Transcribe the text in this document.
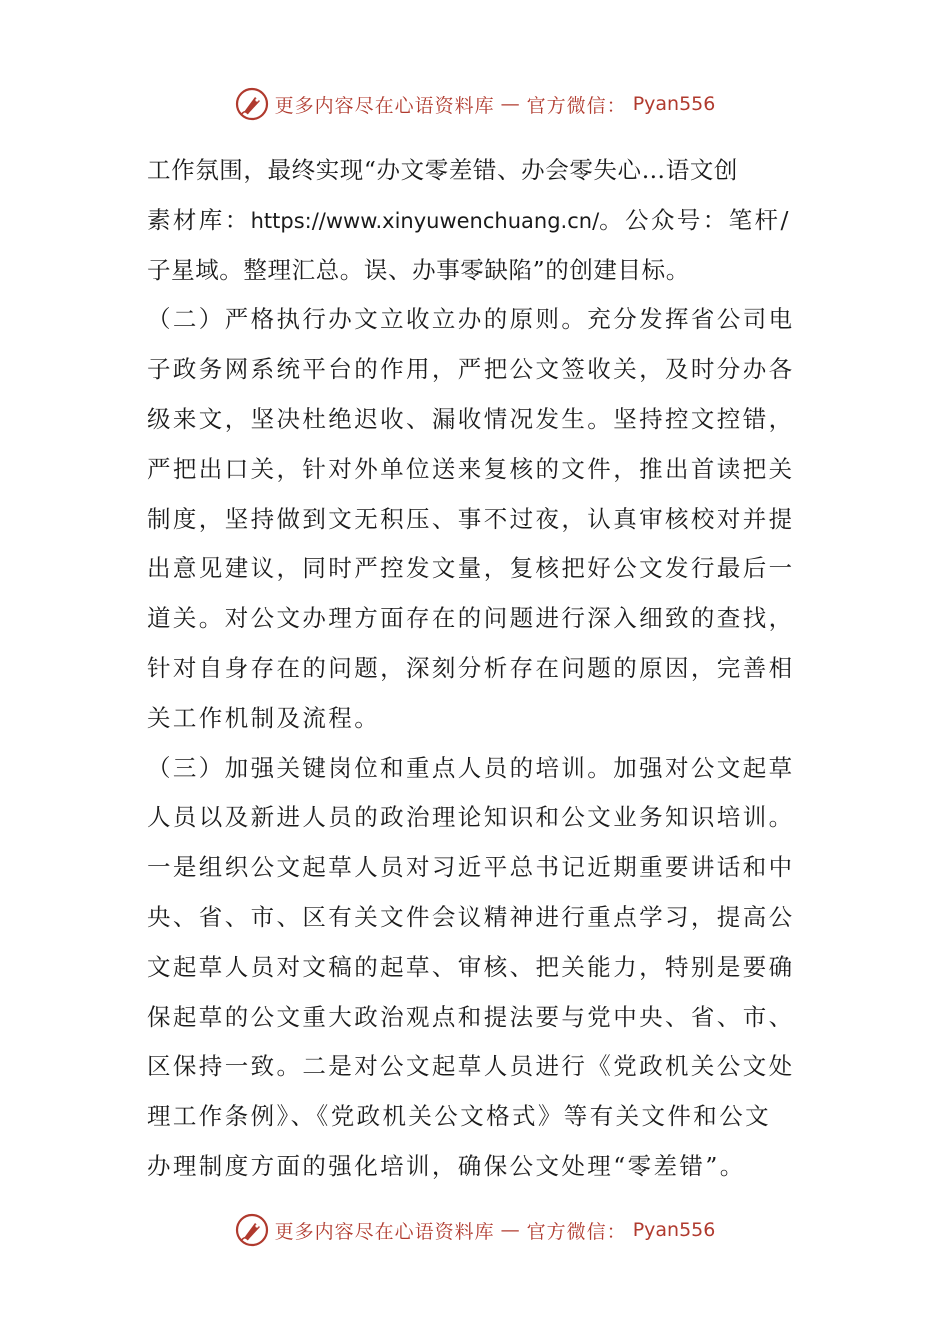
更多内容尽在心语资料库 — 官方微信： Pyan556
工作氛围，最终实现“办文零差错、办会零失心…语文创
素材库：https://www.xinyuwenchuang.cn/。公众号：笔杆/
子星域。整理汇总。误、办事零缺陷”的创建目标。
（二）严格执行办文立收立办的原则。充分发挥省公司电
子政务网系统平台的作用，严把公文签收关，及时分办各
级来文，坚决杜绝迟收、漏收情况发生。坚持控文控错，
严把出口关，针对外单位送来复核的文件，推出首读把关
制度，坚持做到文无积压、事不过夜，认真审核校对并提
出意见建议，同时严控发文量，复核把好公文发行最后一
道关。对公文办理方面存在的问题进行深入细致的查找，
针对自身存在的问题，深刻分析存在问题的原因，完善相
关工作机制及流程。
（三）加强关键岗位和重点人员的培训。加强对公文起草
人员以及新进人员的政治理论知识和公文业务知识培训。
一是组织公文起草人员对习近平总书记近期重要讲话和中
央、省、市、区有关文件会议精神进行重点学习，提高公
文起草人员对文稿的起草、审核、把关能力，特别是要确
保起草的公文重大政治观点和提法要与党中央、省、市、
区保持一致。二是对公文起草人员进行《党政机关公文处
理工作条例》、《党政机关公文格式》等有关文件和公文
办理制度方面的强化培训，确保公文处理“零差错”。
更多内容尽在心语资料库 — 官方微信： Pyan556
